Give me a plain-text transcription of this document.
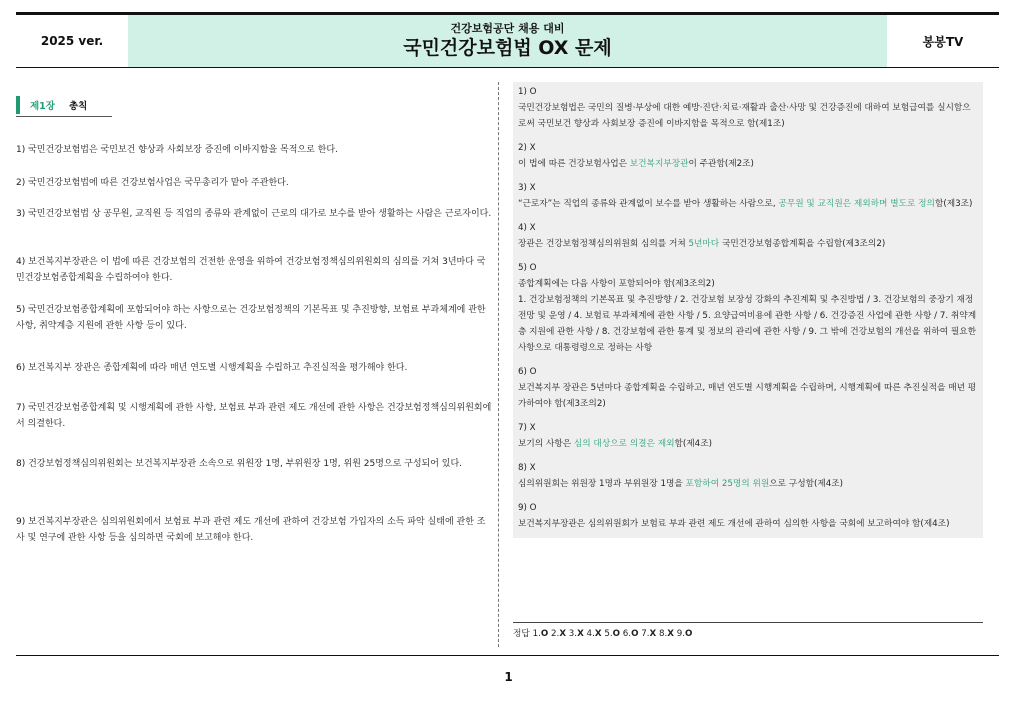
2025 ver.
건강보험공단 채용 대비
국민건강보험법 OX 문제	봉봉TV
제1장 총칙
1) 국민건강보험법은 국민보건 향상과 사회보장 증진에 이바지함을 목적으로 한다.
2) 국민건강보험법에 따른 건강보험사업은 국무총리가 맡아 주관한다.
3) 국민건강보험법 상 공무원, 교직원 등 직업의 종류와 관계없이 근로의 대가로 보수를 받아 생활하는 사람은 근로자이다.
4) 보건복지부장관은 이 법에 따른 건강보험의 건전한 운영을 위하여 건강보험정책심의위원회의 심의를 거쳐 3년마다 국민건강보험종합계획을 수립하여야 한다.
5) 국민건강보험종합계획에 포함되어야 하는 사항으로는 건강보험정책의 기본목표 및 추진방향, 보험료 부과체계에 관한 사항, 취약계층 지원에 관한 사항 등이 있다.
6) 보건복지부 장관은 종합계획에 따라 매년 연도별 시행계획을 수립하고 추진실적을 평가해야 한다.
7) 국민건강보험종합계획 및 시행계획에 관한 사항, 보험료 부과 관련 제도 개선에 관한 사항은 건강보험정책심의위원회에서 의결한다.
8) 건강보험정책심의위원회는 보건복지부장관 소속으로 위원장 1명, 부위원장 1명, 위원 25명으로 구성되어 있다.
9) 보건복지부장관은 심의위원회에서 보험료 부과 관련 제도 개선에 관하여 건강보험 가입자의 소득 파악 실태에 관한 조사 및 연구에 관한 사항 등을 심의하면 국회에 보고해야 한다.
1) O
국민건강보험법은 국민의 질병·부상에 대한 예방·진단·치료·재활과 출산·사망 및 건강증진에 대하여 보험급여를 실시함으로써 국민보건 향상과 사회보장 증진에 이바지함을 목적으로 함(제1조)
2) X
이 법에 따른 건강보험사업은 보건복지부장관이 주관함(제2조)
3) X
“근로자”는 직업의 종류와 관계없이 보수를 받아 생활하는 사람으로, 공무원 및 교직원은 제외하며 별도로 정의함(제3조)
4) X
장관은 건강보험정책심의위원회 심의를 거쳐 5년마다 국민건강보험종합계획을 수립함(제3조의2)
5) O
종합계획에는 다음 사항이 포함되어야 함(제3조의2)
1. 건강보험정책의 기본목표 및 추진방향 / 2. 건강보험 보장성 강화의 추진계획 및 추진방법 / 3. 건강보험의 중장기 재정 전망 및 운영 / 4. 보험료 부과체계에 관한 사항 / 5. 요양급여비용에 관한 사항 / 6. 건강증진 사업에 관한 사항 / 7. 취약계층 지원에 관한 사항 / 8. 건강보험에 관한 통계 및 정보의 관리에 관한 사항 / 9. 그 밖에 건강보험의 개선을 위하여 필요한 사항으로 대통령령으로 정하는 사항
6) O
보건복지부 장관은 5년마다 종합계획을 수립하고, 매년 연도별 시행계획을 수립하며, 시행계획에 따른 추진실적을 매년 평가하여야 함(제3조의2)
7) X
보기의 사항은 심의 대상으로 의결은 제외함(제4조)
8) X
심의위원회는 위원장 1명과 부위원장 1명을 포함하여 25명의 위원으로 구성함(제4조)
9) O
보건복지부장관은 심의위원회가 보험료 부과 관련 제도 개선에 관하여 심의한 사항을 국회에 보고하여야 함(제4조)
정답 1.O 2.X 3.X 4.X 5.O 6.O 7.X 8.X 9.O
1
